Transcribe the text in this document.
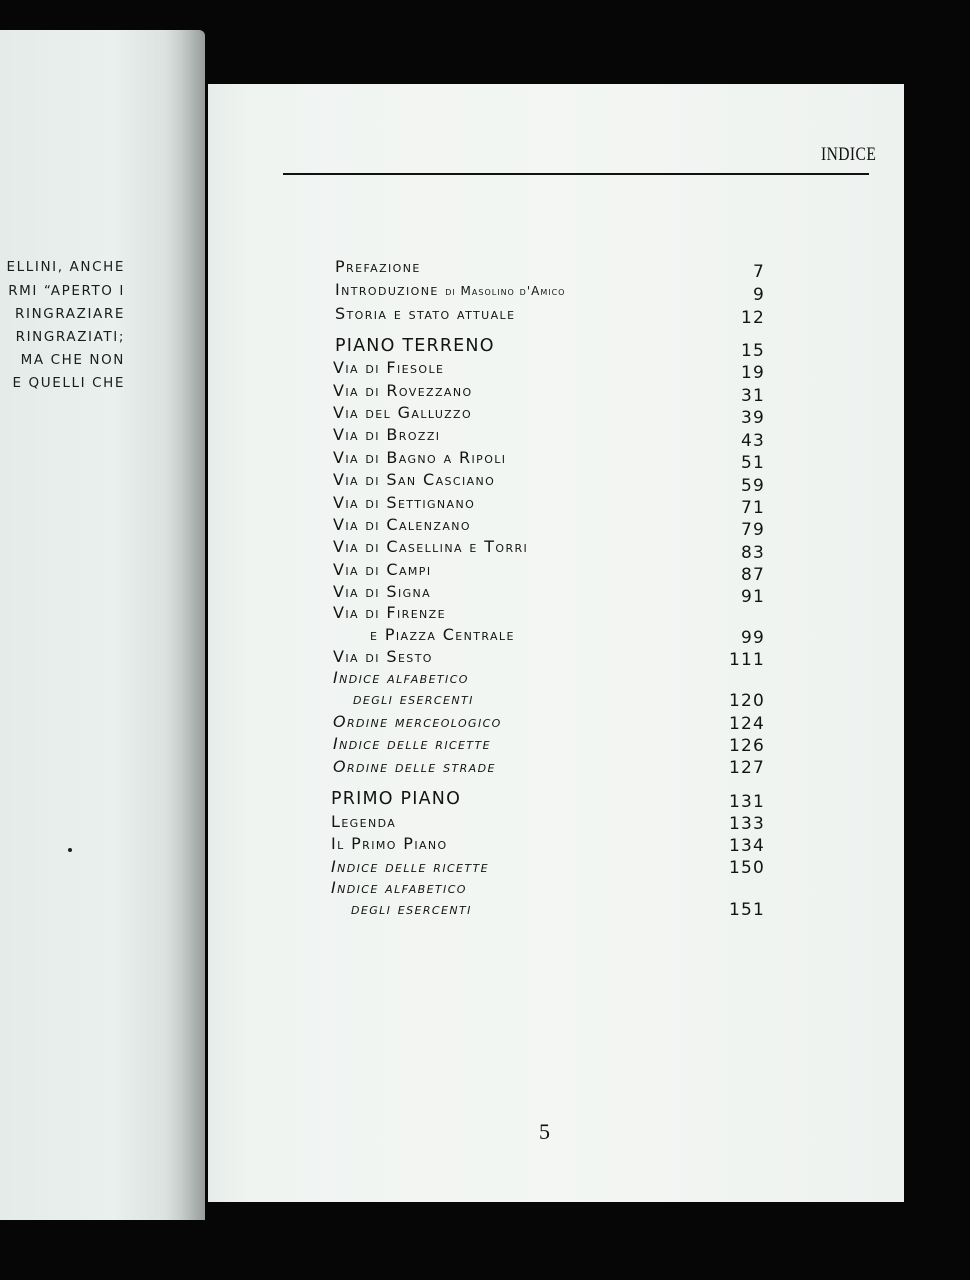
ELLINI, ANCHE
RMI “APERTO I
RINGRAZIARE
RINGRAZIATI;
MA CHE NON
E QUELLI CHE
INDICE
Prefazione	7
Introduzione di Masolino d'Amico	9
Storia e stato attuale	12
PIANO TERRENO	15
Via di Fiesole	19
Via di Rovezzano	31
Via del Galluzzo	39
Via di Brozzi	43
Via di Bagno a Ripoli	51
Via di San Casciano	59
Via di Settignano	71
Via di Calenzano	79
Via di Casellina e Torri	83
Via di Campi	87
Via di Signa	91
Via di Firenze
e Piazza Centrale	99
Via di Sesto	111
Indice alfabetico
degli esercenti	120
Ordine merceologico	124
Indice delle ricette	126
Ordine delle strade	127
PRIMO PIANO	131
Legenda	133
Il Primo Piano	134
Indice delle ricette	150
Indice alfabetico
degli esercenti	151
5
